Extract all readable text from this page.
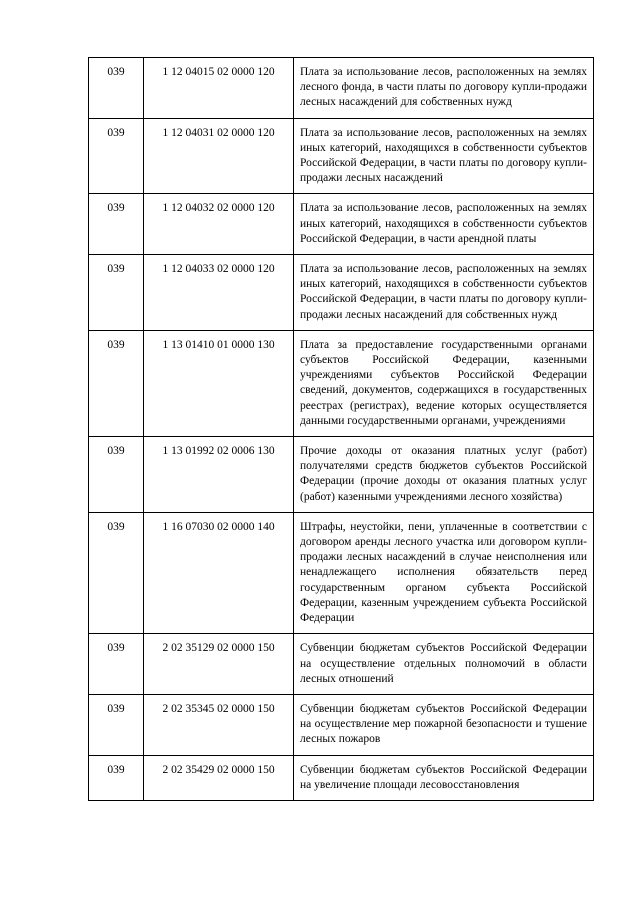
039	1 12 04015 02 0000 120	Плата за использование лесов, расположенных на землях лесного фонда, в части платы по договору купли-продажи лесных насаждений для собственных нужд
039	1 12 04031 02 0000 120	Плата за использование лесов, расположенных на землях иных категорий, находящихся в собственности субъектов Российской Федерации, в части платы по договору купли-продажи лесных насаждений
039	1 12 04032 02 0000 120	Плата за использование лесов, расположенных на землях иных категорий, находящихся в собственности субъектов Российской Федерации, в части арендной платы
039	1 12 04033 02 0000 120	Плата за использование лесов, расположенных на землях иных категорий, находящихся в собственности субъектов Российской Федерации, в части платы по договору купли-продажи лесных насаждений для собственных нужд
039	1 13 01410 01 0000 130	Плата за предоставление государственными органами субъектов Российской Федерации, казенными учреждениями субъектов Российской Федерации сведений, документов, содержащихся в государственных реестрах (регистрах), ведение которых осуществляется данными государственными органами, учреждениями
039	1 13 01992 02 0006 130	Прочие доходы от оказания платных услуг (работ) получателями средств бюджетов субъектов Российской Федерации (прочие доходы от оказания платных услуг (работ) казенными учреждениями лесного хозяйства)
039	1 16 07030 02 0000 140	Штрафы, неустойки, пени, уплаченные в соответствии с договором аренды лесного участка или договором купли-продажи лесных насаждений в случае неисполнения или ненадлежащего исполнения обязательств перед государственным органом субъекта Российской Федерации, казенным учреждением субъекта Российской Федерации
039	2 02 35129 02 0000 150	Субвенции бюджетам субъектов Российской Федерации на осуществление отдельных полномочий в области лесных отношений
039	2 02 35345 02 0000 150	Субвенции бюджетам субъектов Российской Федерации на осуществление мер пожарной безопасности и тушение лесных пожаров
039	2 02 35429 02 0000 150	Субвенции бюджетам субъектов Российской Федерации на увеличение площади лесовосстановления
